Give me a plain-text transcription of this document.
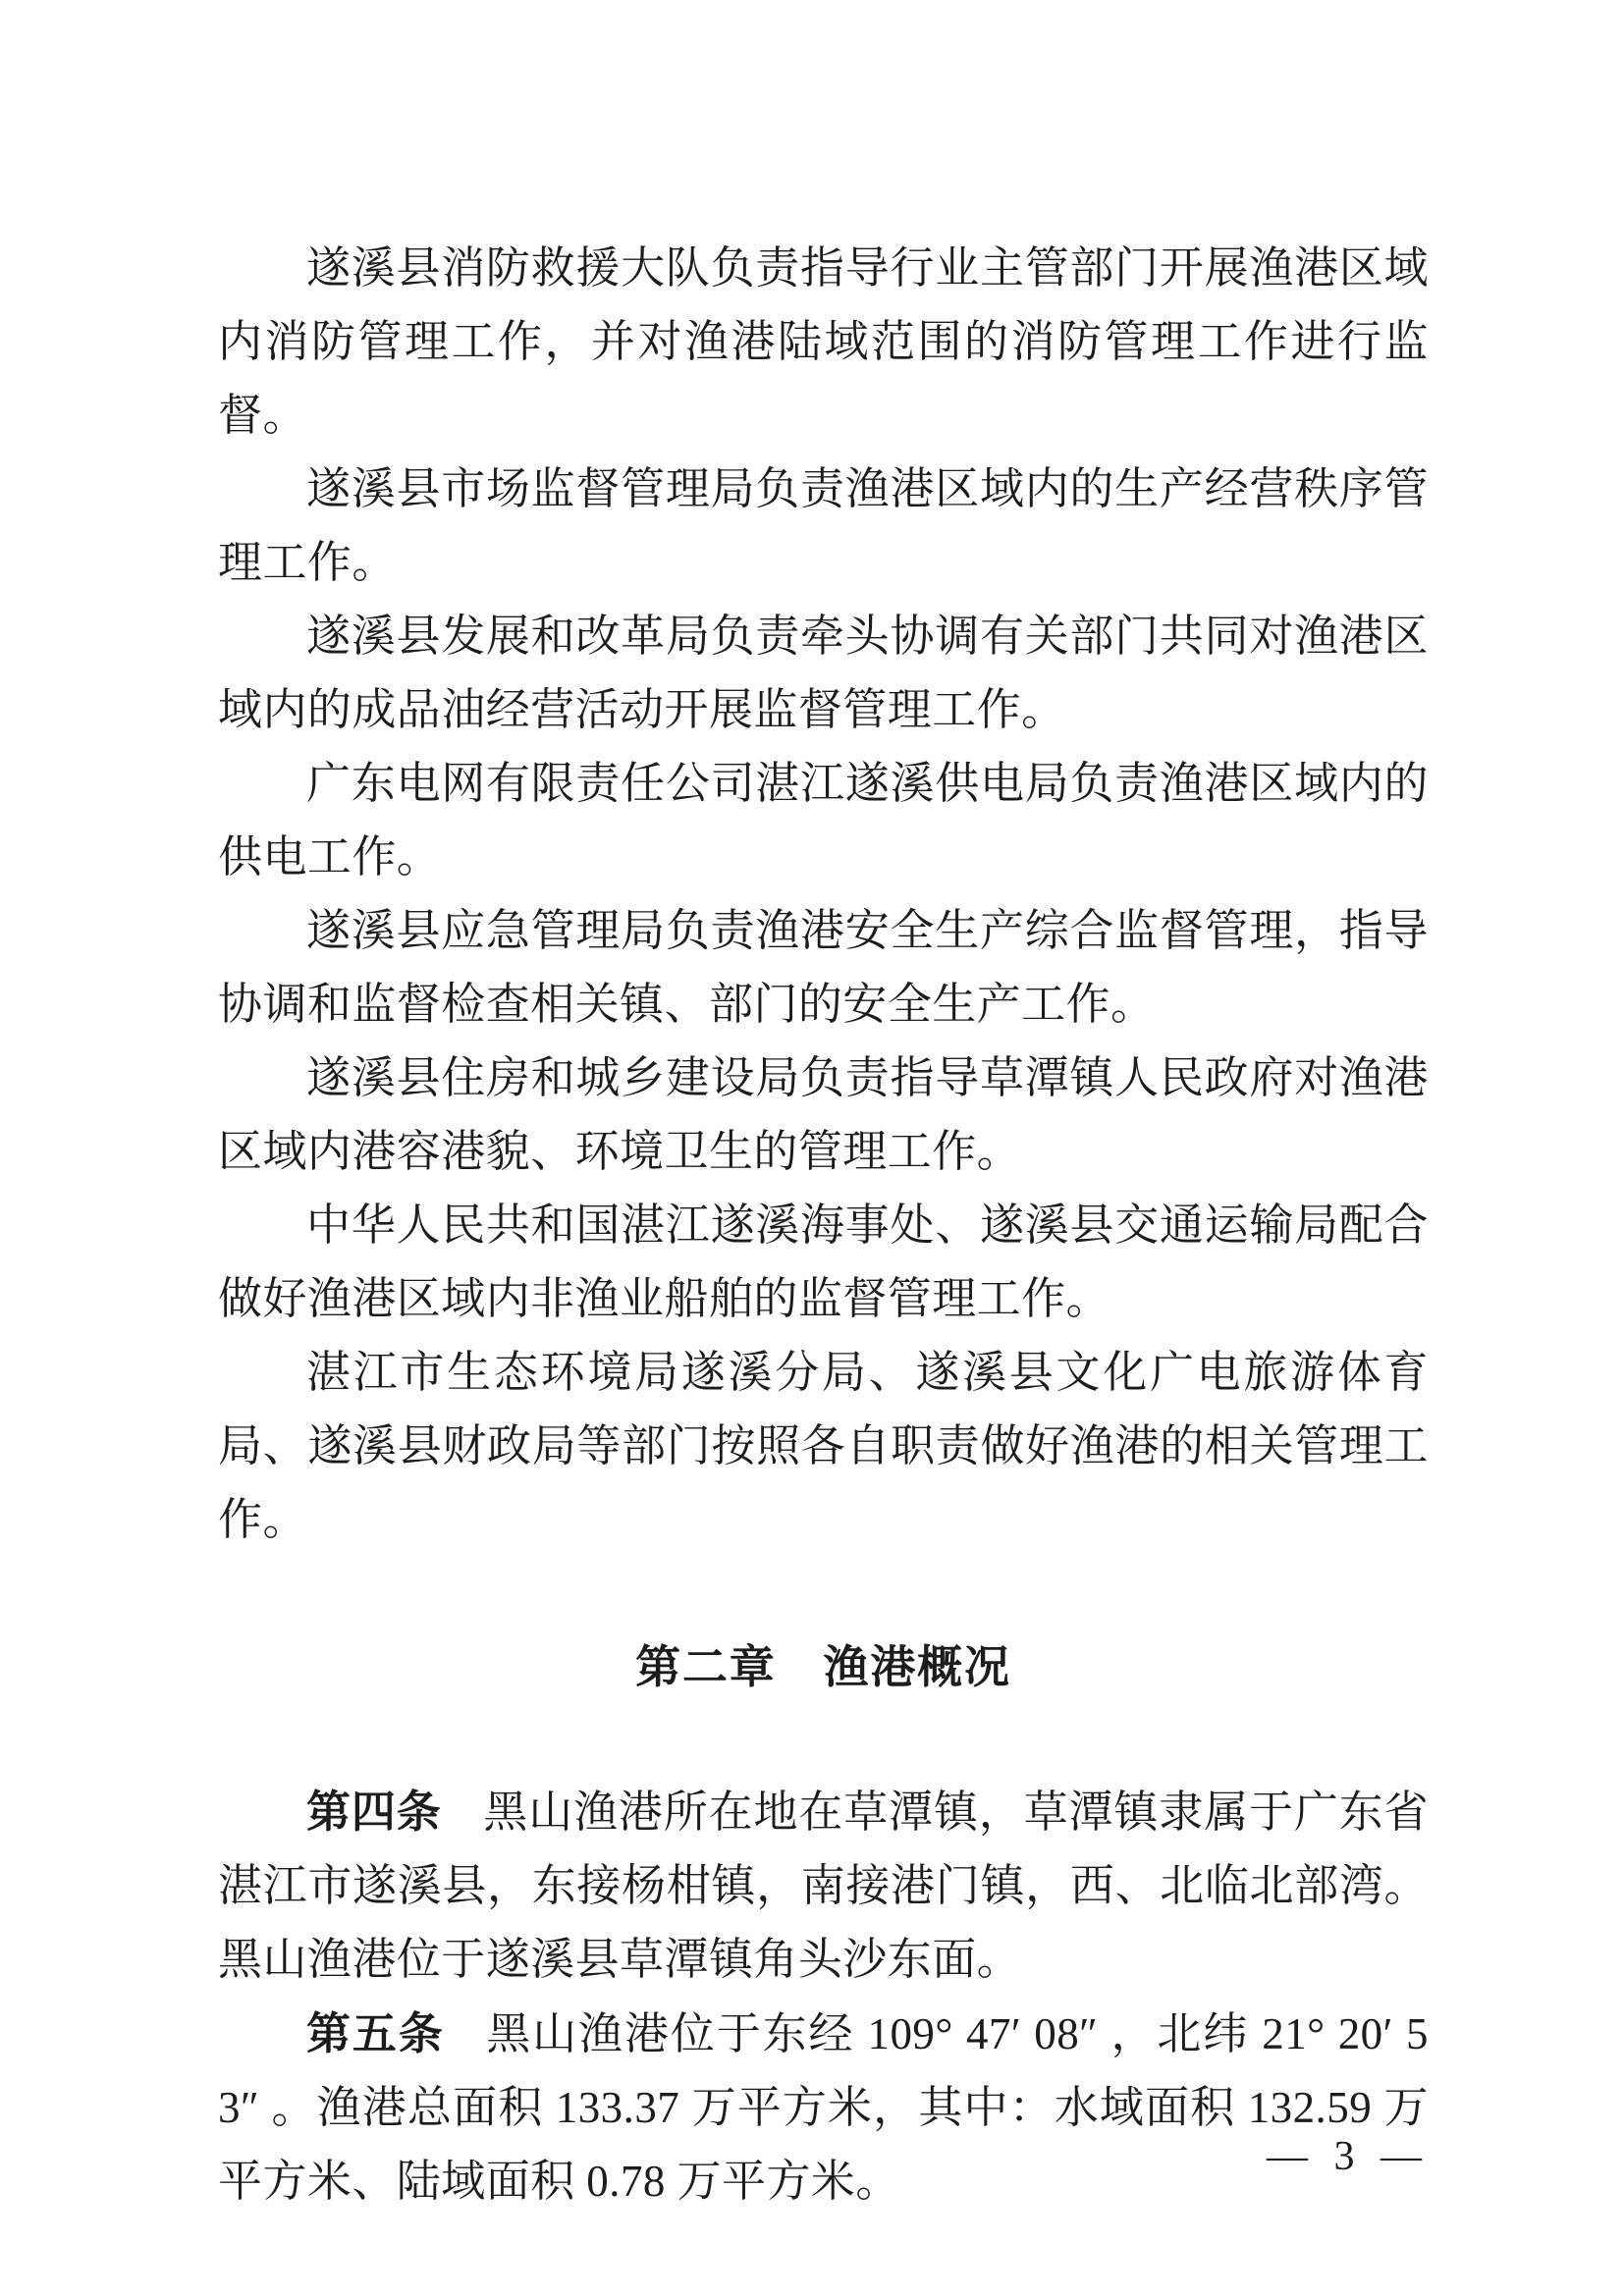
遂溪县消防救援大队负责指导行业主管部门开展渔港区域内消防管理工作，并对渔港陆域范围的消防管理工作进行监督。

遂溪县市场监督管理局负责渔港区域内的生产经营秩序管理工作。

遂溪县发展和改革局负责牵头协调有关部门共同对渔港区域内的成品油经营活动开展监督管理工作。

广东电网有限责任公司湛江遂溪供电局负责渔港区域内的供电工作。

遂溪县应急管理局负责渔港安全生产综合监督管理，指导协调和监督检查相关镇、部门的安全生产工作。

遂溪县住房和城乡建设局负责指导草潭镇人民政府对渔港区域内港容港貌、环境卫生的管理工作。

中华人民共和国湛江遂溪海事处、遂溪县交通运输局配合做好渔港区域内非渔业船舶的监督管理工作。

湛江市生态环境局遂溪分局、遂溪县文化广电旅游体育局、遂溪县财政局等部门按照各自职责做好渔港的相关管理工作。

第二章　渔港概况

第四条 黑山渔港所在地在草潭镇，草潭镇隶属于广东省湛江市遂溪县，东接杨柑镇，南接港门镇，西、北临北部湾。黑山渔港位于遂溪县草潭镇角头沙东面。

第五条 黑山渔港位于东经 109° 47′ 08″ ，北纬 21° 20′ 53″ 。渔港总面积 133.37 万平方米，其中：水域面积 132.59 万平方米、陆域面积 0.78 万平方米。	— 3 —
